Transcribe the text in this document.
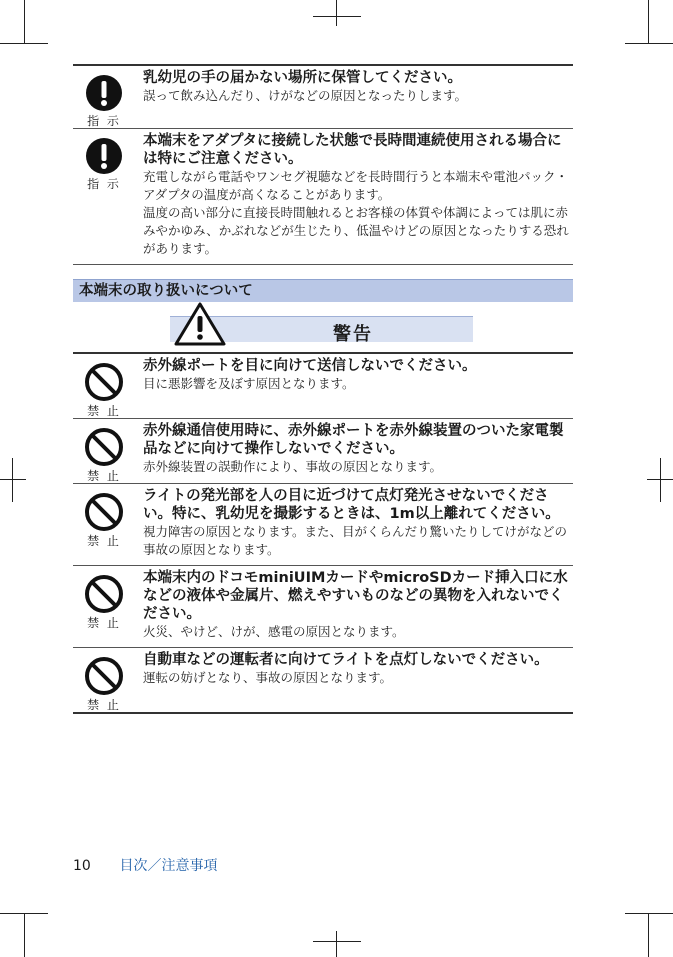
指 示
乳幼児の手の届かない場所に保管してください。
誤って飲み込んだり、けがなどの原因となったりします。
指 示
本端末をアダプタに接続した状態で長時間連続使用される場合には特にご注意ください。
充電しながら電話やワンセグ視聴などを長時間行うと本端末や電池パック・アダプタの温度が高くなることがあります。
温度の高い部分に直接長時間触れるとお客様の体質や体調によっては肌に赤みやかゆみ、かぶれなどが生じたり、低温やけどの原因となったりする恐れがあります。
本端末の取り扱いについて
警告
禁 止
赤外線ポートを目に向けて送信しないでください。
目に悪影響を及ぼす原因となります。
禁 止
赤外線通信使用時に、赤外線ポートを赤外線装置のついた家電製品などに向けて操作しないでください。
赤外線装置の誤動作により、事故の原因となります。
禁 止
ライトの発光部を人の目に近づけて点灯発光させないでください。特に、乳幼児を撮影するときは、1m以上離れてください。
視力障害の原因となります。また、目がくらんだり驚いたりしてけがなどの事故の原因となります。
禁 止
本端末内のドコモminiUIMカードやmicroSDカード挿入口に水などの液体や金属片、燃えやすいものなどの異物を入れないでください。
火災、やけど、けが、感電の原因となります。
禁 止
自動車などの運転者に向けてライトを点灯しないでください。
運転の妨げとなり、事故の原因となります。
10 目次／注意事項
